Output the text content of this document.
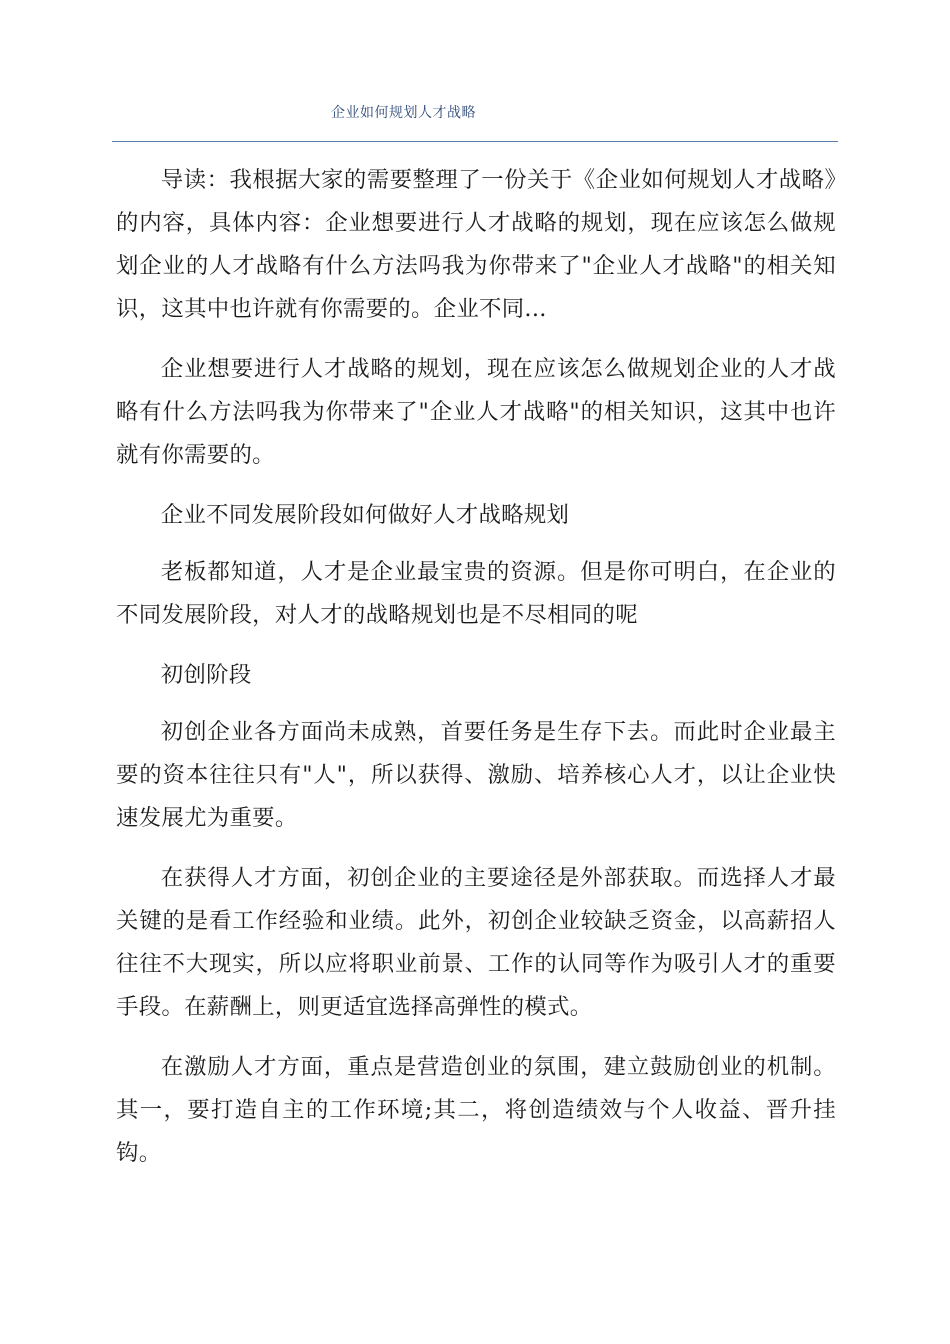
企业如何规划人才战略

导读：我根据大家的需要整理了一份关于《企业如何规划人才战略》的内容，具体内容：企业想要进行人才战略的规划，现在应该怎么做规划企业的人才战略有什么方法吗我为你带来了"企业人才战略"的相关知识，这其中也许就有你需要的。企业不同...

企业想要进行人才战略的规划，现在应该怎么做规划企业的人才战略有什么方法吗我为你带来了"企业人才战略"的相关知识，这其中也许就有你需要的。

企业不同发展阶段如何做好人才战略规划

老板都知道，人才是企业最宝贵的资源。但是你可明白，在企业的不同发展阶段，对人才的战略规划也是不尽相同的呢

初创阶段

初创企业各方面尚未成熟，首要任务是生存下去。而此时企业最主要的资本往往只有"人"，所以获得、激励、培养核心人才，以让企业快速发展尤为重要。

在获得人才方面，初创企业的主要途径是外部获取。而选择人才最关键的是看工作经验和业绩。此外，初创企业较缺乏资金，以高薪招人往往不大现实，所以应将职业前景、工作的认同等作为吸引人才的重要手段。在薪酬上，则更适宜选择高弹性的模式。

在激励人才方面，重点是营造创业的氛围，建立鼓励创业的机制。其一，要打造自主的工作环境;其二，将创造绩效与个人收益、晋升挂钩。
